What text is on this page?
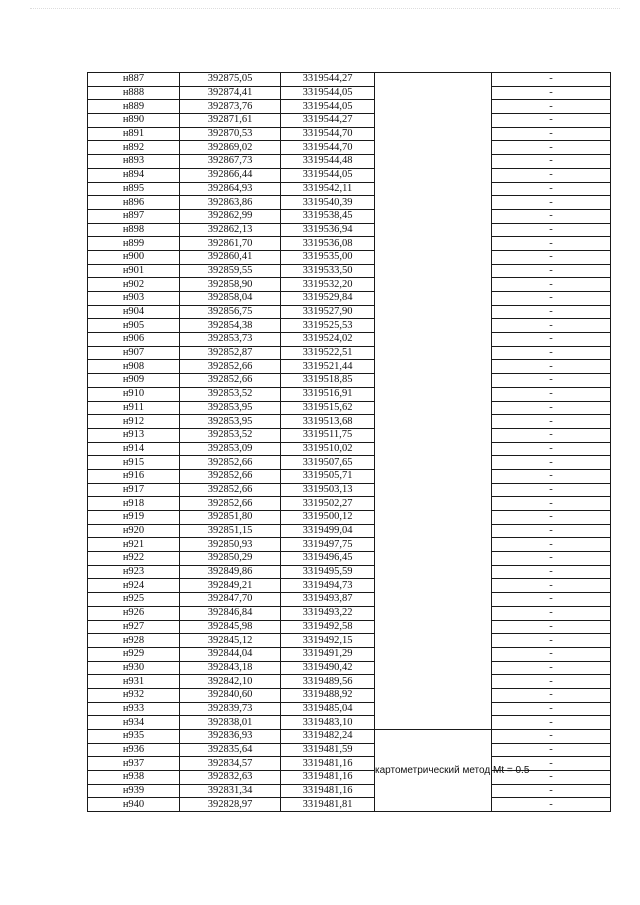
н887	392875,05	3319544,27		-
н888	392874,41	3319544,05		-
н889	392873,76	3319544,05		-
н890	392871,61	3319544,27		-
н891	392870,53	3319544,70		-
н892	392869,02	3319544,70		-
н893	392867,73	3319544,48		-
н894	392866,44	3319544,05		-
н895	392864,93	3319542,11		-
н896	392863,86	3319540,39		-
н897	392862,99	3319538,45		-
н898	392862,13	3319536,94		-
н899	392861,70	3319536,08		-
н900	392860,41	3319535,00		-
н901	392859,55	3319533,50		-
н902	392858,90	3319532,20		-
н903	392858,04	3319529,84		-
н904	392856,75	3319527,90		-
н905	392854,38	3319525,53		-
н906	392853,73	3319524,02		-
н907	392852,87	3319522,51		-
н908	392852,66	3319521,44		-
н909	392852,66	3319518,85		-
н910	392853,52	3319516,91		-
н911	392853,95	3319515,62		-
н912	392853,95	3319513,68		-
н913	392853,52	3319511,75		-
н914	392853,09	3319510,02		-
н915	392852,66	3319507,65		-
н916	392852,66	3319505,71		-
н917	392852,66	3319503,13		-
н918	392852,66	3319502,27		-
н919	392851,80	3319500,12		-
н920	392851,15	3319499,04		-
н921	392850,93	3319497,75		-
н922	392850,29	3319496,45		-
н923	392849,86	3319495,59		-
н924	392849,21	3319494,73		-
н925	392847,70	3319493,87		-
н926	392846,84	3319493,22		-
н927	392845,98	3319492,58		-
н928	392845,12	3319492,15		-
н929	392844,04	3319491,29		-
н930	392843,18	3319490,42		-
н931	392842,10	3319489,56		-
н932	392840,60	3319488,92		-
н933	392839,73	3319485,04		-
н934	392838,01	3319483,10		-
н935	392836,93	3319482,24	картометрический метод Mt = 0.5	-
н936	392835,64	3319481,59		-
н937	392834,57	3319481,16		-
н938	392832,63	3319481,16		-
н939	392831,34	3319481,16		-
н940	392828,97	3319481,81		-
